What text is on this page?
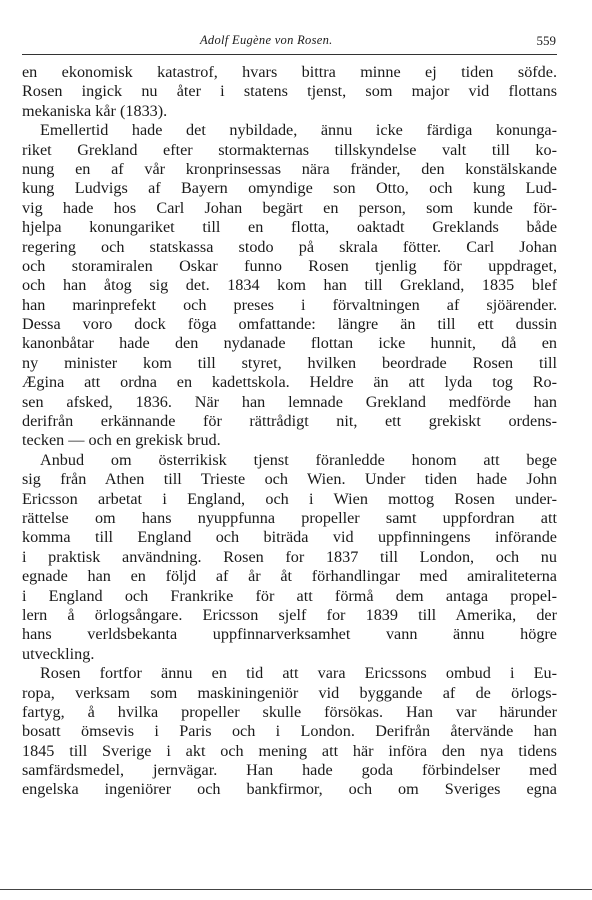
Adolf Eugène von Rosen.	559
en ekonomisk katastrof, hvars bittra minne ej tiden söfde.
Rosen ingick nu åter i statens tjenst, som major vid flottans
mekaniska kår (1833).
Emellertid hade det nybildade, ännu icke färdiga konunga-
riket Grekland efter stormakternas tillskyndelse valt till ko-
nung en af vår kronprinsessas nära fränder, den konstälskande
kung Ludvigs af Bayern omyndige son Otto, och kung Lud-
vig hade hos Carl Johan begärt en person, som kunde för-
hjelpa konungariket till en flotta, oaktadt Greklands både
regering och statskassa stodo på skrala fötter. Carl Johan
och storamiralen Oskar funno Rosen tjenlig för uppdraget,
och han åtog sig det. 1834 kom han till Grekland, 1835 blef
han marinprefekt och preses i förvaltningen af sjöärender.
Dessa voro dock föga omfattande: längre än till ett dussin
kanonbåtar hade den nydanade flottan icke hunnit, då en
ny minister kom till styret, hvilken beordrade Rosen till
Ægina att ordna en kadettskola. Heldre än att lyda tog Ro-
sen afsked, 1836. När han lemnade Grekland medförde han
derifrån erkännande för rättrådigt nit, ett grekiskt ordens-
tecken — och en grekisk brud.
Anbud om österrikisk tjenst föranledde honom att bege
sig från Athen till Trieste och Wien. Under tiden hade John
Ericsson arbetat i England, och i Wien mottog Rosen under-
rättelse om hans nyuppfunna propeller samt uppfordran att
komma till England och biträda vid uppfinningens införande
i praktisk användning. Rosen for 1837 till London, och nu
egnade han en följd af år åt förhandlingar med amiraliteterna
i England och Frankrike för att förmå dem antaga propel-
lern å örlogsångare. Ericsson sjelf for 1839 till Amerika, der
hans verldsbekanta uppfinnarverksamhet vann ännu högre
utveckling.
Rosen fortfor ännu en tid att vara Ericssons ombud i Eu-
ropa, verksam som maskiningeniör vid byggande af de örlogs-
fartyg, å hvilka propeller skulle försökas. Han var härunder
bosatt ömsevis i Paris och i London. Derifrån återvände han
1845 till Sverige i akt och mening att här införa den nya tidens
samfärdsmedel, jernvägar. Han hade goda förbindelser med
engelska ingeniörer och bankfirmor, och om Sveriges egna
